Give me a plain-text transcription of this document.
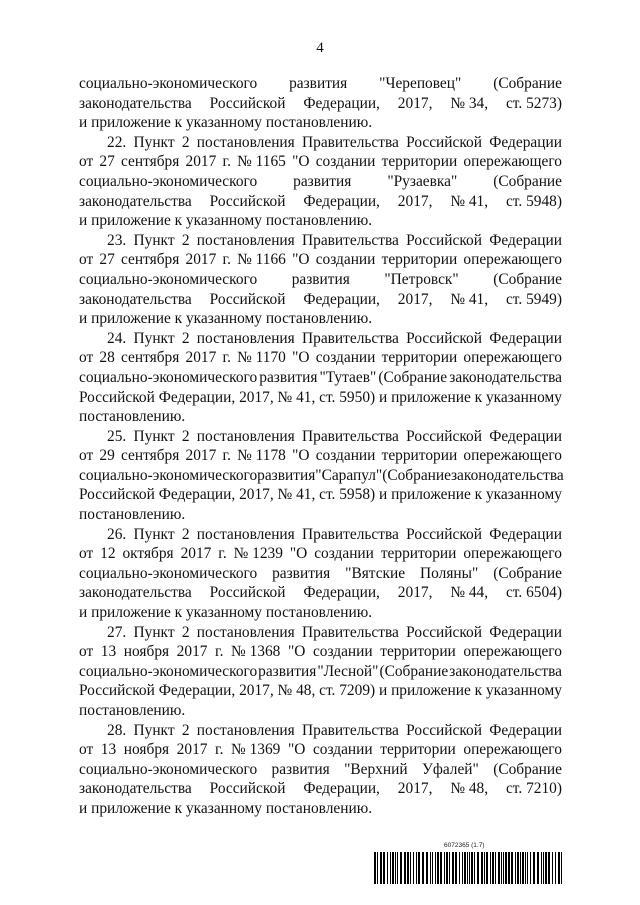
4
социально-экономического развития "Череповец" (Собрание
законодательства Российской Федерации, 2017, № 34, ст. 5273)
и приложение к указанному постановлению.
22. Пункт 2 постановления Правительства Российской Федерации
от 27 сентября 2017 г. № 1165 "О создании территории опережающего
социально-экономического развития "Рузаевка" (Собрание
законодательства Российской Федерации, 2017, № 41, ст. 5948)
и приложение к указанному постановлению.
23. Пункт 2 постановления Правительства Российской Федерации
от 27 сентября 2017 г. № 1166 "О создании территории опережающего
социально-экономического развития "Петровск" (Собрание
законодательства Российской Федерации, 2017, № 41, ст. 5949)
и приложение к указанному постановлению.
24. Пункт 2 постановления Правительства Российской Федерации
от 28 сентября 2017 г. № 1170 "О создании территории опережающего
социально-экономического развития "Тутаев" (Собрание законодательства
Российской Федерации, 2017, № 41, ст. 5950) и приложение к указанному
постановлению.
25. Пункт 2 постановления Правительства Российской Федерации
от 29 сентября 2017 г. № 1178 "О создании территории опережающего
социально-экономического развития "Сарапул" (Собрание законодательства
Российской Федерации, 2017, № 41, ст. 5958) и приложение к указанному
постановлению.
26. Пункт 2 постановления Правительства Российской Федерации
от 12 октября 2017 г. № 1239 "О создании территории опережающего
социально-экономического развития "Вятские Поляны" (Собрание
законодательства Российской Федерации, 2017, № 44, ст. 6504)
и приложение к указанному постановлению.
27. Пункт 2 постановления Правительства Российской Федерации
от 13 ноября 2017 г. № 1368 "О создании территории опережающего
социально-экономического развития "Лесной" (Собрание законодательства
Российской Федерации, 2017, № 48, ст. 7209) и приложение к указанному
постановлению.
28. Пункт 2 постановления Правительства Российской Федерации
от 13 ноября 2017 г. № 1369 "О создании территории опережающего
социально-экономического развития "Верхний Уфалей" (Собрание
законодательства Российской Федерации, 2017, № 48, ст. 7210)
и приложение к указанному постановлению.
6072365 (1.7)
